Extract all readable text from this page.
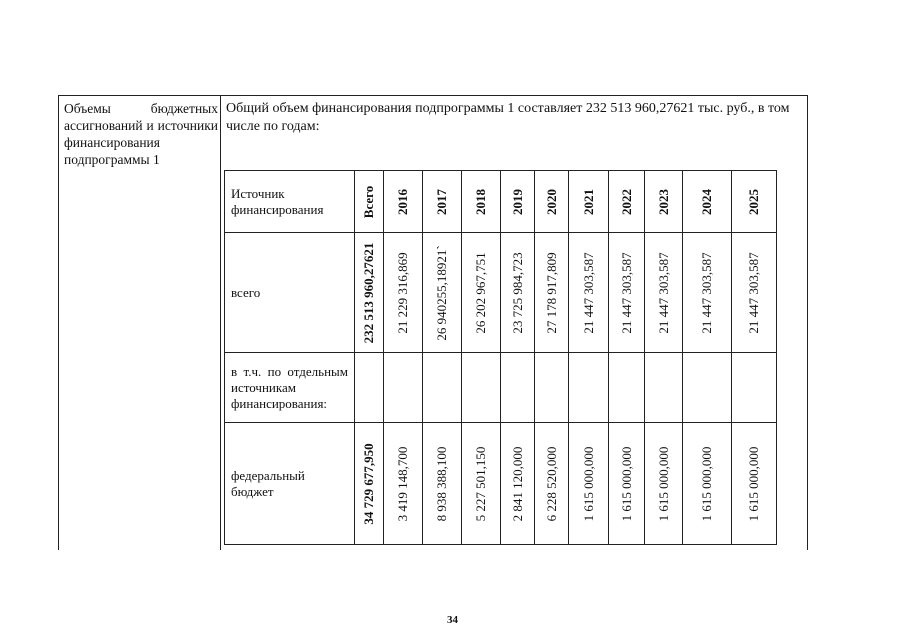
Объемы бюджетных ассигнований и источники финансирования подпрограммы 1
Общий объем финансирования подпрограммы 1 составляет 232 513 960,27621 тыс. руб., в том числе по годам:
Источник финансирования	Всего	2016	2017	2018	2019	2020	2021	2022	2023	2024	2025

всего	232 513 960,27621	21 229 316,869	26 940255,18921`	26 202 967,751	23 725 984,723	27 178 917,809	21 447 303,587	21 447 303,587	21 447 303,587	21 447 303,587	21 447 303,587

в т.ч. по отдельным источникам финансирования:											
федеральный бюджет	34 729 677,950	3 419 148,700	8 938 388,100	5 227 501,150	2 841 120,000	6 228 520,000	1 615 000,000	1 615 000,000	1 615 000,000	1 615 000,000	1 615 000,000
34
